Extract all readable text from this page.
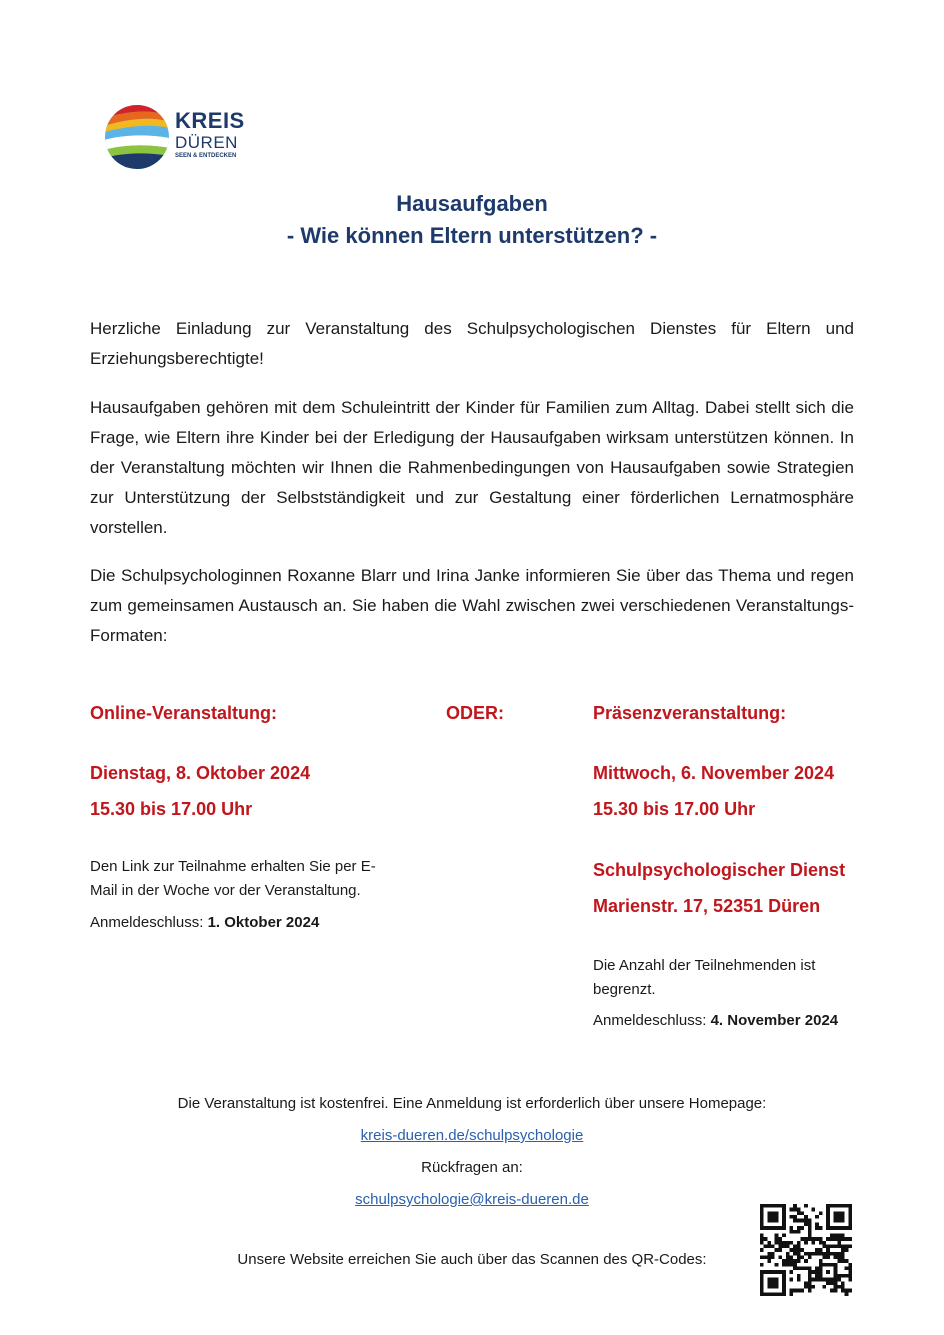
KREIS
DÜREN
SEEN & ENTDECKEN
Hausaufgaben
- Wie können Eltern unterstützen? -

Herzliche Einladung zur Veranstaltung des Schulpsychologischen Dienstes für Eltern und Erziehungsberechtigte!

Hausaufgaben gehören mit dem Schuleintritt der Kinder für Familien zum Alltag. Dabei stellt sich die Frage, wie Eltern ihre Kinder bei der Erledigung der Hausaufgaben wirksam unterstützen können. In der Veranstaltung möchten wir Ihnen die Rahmenbedingungen von Hausaufgaben sowie Strategien zur Unterstützung der Selbstständigkeit und zur Gestaltung einer förderlichen Lernatmosphäre vorstellen.

Die Schulpsychologinnen Roxanne Blarr und Irina Janke informieren Sie über das Thema und regen zum gemeinsamen Austausch an. Sie haben die Wahl zwischen zwei verschiedenen Veranstaltungs-Formaten:

Online-Veranstaltung:
Dienstag, 8. Oktober 2024
15.30 bis 17.00 Uhr
Den Link zur Teilnahme erhalten Sie per E-
Mail in der Woche vor der Veranstaltung.
Anmeldeschluss: 1. Oktober 2024
ODER:	Präsenzveranstaltung:
Mittwoch, 6. November 2024
15.30 bis 17.00 Uhr
Schulpsychologischer Dienst
Marienstr. 17, 52351 Düren
Die Anzahl der Teilnehmenden ist
begrenzt.
Anmeldeschluss: 4. November 2024
Die Veranstaltung ist kostenfrei. Eine Anmeldung ist erforderlich über unsere Homepage:
kreis-dueren.de/schulpsychologie
Rückfragen an:
schulpsychologie@kreis-dueren.de
Unsere Website erreichen Sie auch über das Scannen des QR-Codes:
